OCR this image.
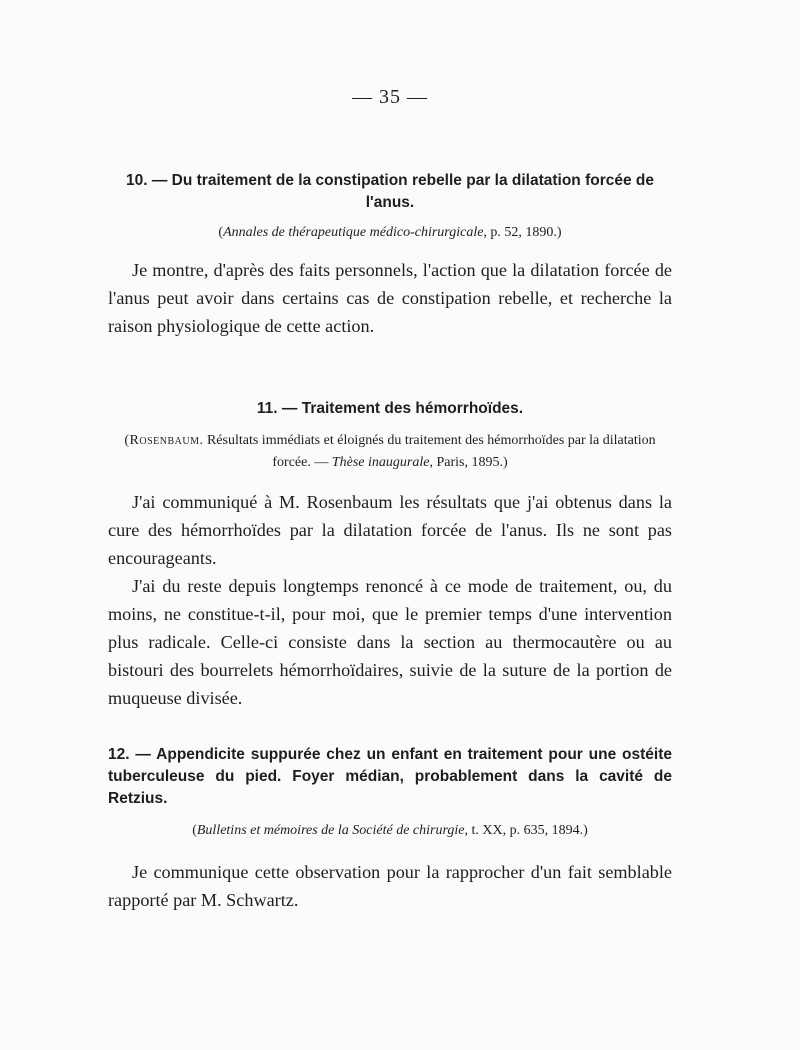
— 35 —

10. — Du traitement de la constipation rebelle par la dilatation forcée de l'anus.

(Annales de thérapeutique médico-chirurgicale, p. 52, 1890.)

Je montre, d'après des faits personnels, l'action que la dilatation forcée de l'anus peut avoir dans certains cas de constipation rebelle, et recherche la raison physiologique de cette action.

11. — Traitement des hémorrhoïdes.

(Rosenbaum. Résultats immédiats et éloignés du traitement des hémorrhoïdes par la dilatation forcée. — Thèse inaugurale, Paris, 1895.)

J'ai communiqué à M. Rosenbaum les résultats que j'ai obtenus dans la cure des hémorrhoïdes par la dilatation forcée de l'anus. Ils ne sont pas encourageants.

J'ai du reste depuis longtemps renoncé à ce mode de traitement, ou, du moins, ne constitue-t-il, pour moi, que le premier temps d'une intervention plus radicale. Celle-ci consiste dans la section au thermocautère ou au bistouri des bourrelets hémorrhoïdaires, suivie de la suture de la portion de muqueuse divisée.

12. — Appendicite suppurée chez un enfant en traitement pour une ostéite tuberculeuse du pied. Foyer médian, probablement dans la cavité de Retzius.

(Bulletins et mémoires de la Société de chirurgie, t. XX, p. 635, 1894.)

Je communique cette observation pour la rapprocher d'un fait semblable rapporté par M. Schwartz.
